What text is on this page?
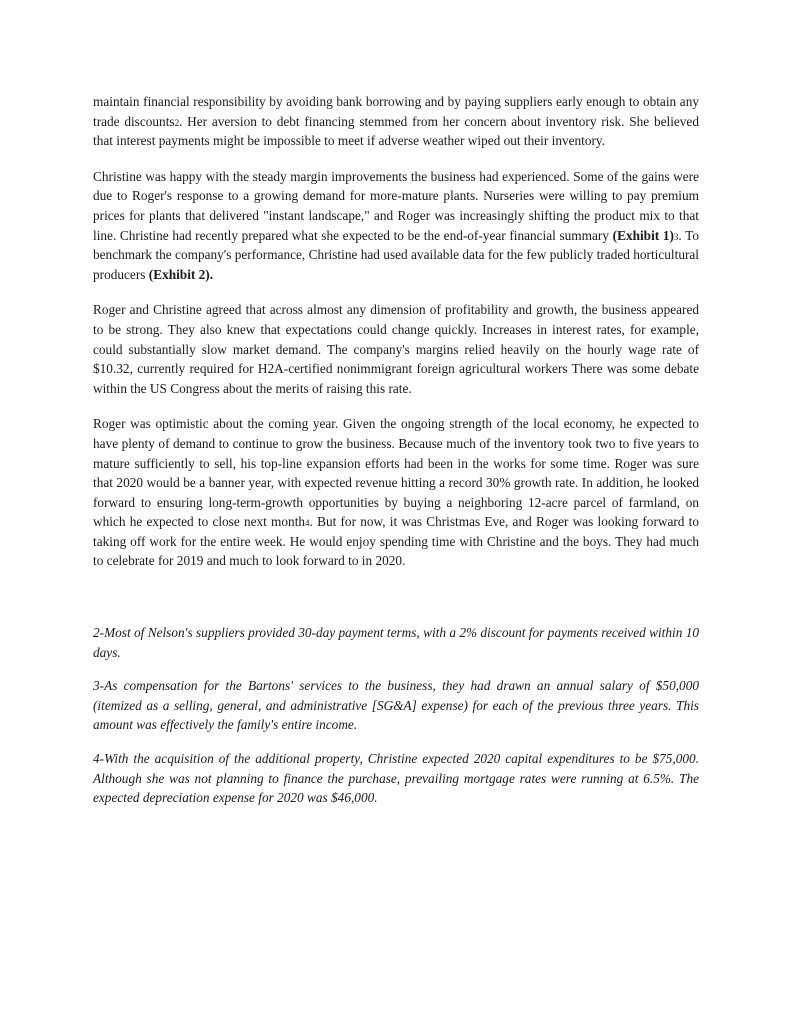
maintain financial responsibility by avoiding bank borrowing and by paying suppliers early enough to obtain any trade discounts2. Her aversion to debt financing stemmed from her concern about inventory risk. She believed that interest payments might be impossible to meet if adverse weather wiped out their inventory.

Christine was happy with the steady margin improvements the business had experienced. Some of the gains were due to Roger's response to a growing demand for more-mature plants. Nurseries were willing to pay premium prices for plants that delivered "instant landscape," and Roger was increasingly shifting the product mix to that line. Christine had recently prepared what she expected to be the end-of-year financial summary (Exhibit 1)3. To benchmark the company's performance, Christine had used available data for the few publicly traded horticultural producers (Exhibit 2).

Roger and Christine agreed that across almost any dimension of profitability and growth, the business appeared to be strong. They also knew that expectations could change quickly. Increases in interest rates, for example, could substantially slow market demand. The company's margins relied heavily on the hourly wage rate of $10.32, currently required for H2A-certified nonimmigrant foreign agricultural workers There was some debate within the US Congress about the merits of raising this rate.

Roger was optimistic about the coming year. Given the ongoing strength of the local economy, he expected to have plenty of demand to continue to grow the business. Because much of the inventory took two to five years to mature sufficiently to sell, his top-line expansion efforts had been in the works for some time. Roger was sure that 2020 would be a banner year, with expected revenue hitting a record 30% growth rate. In addition, he looked forward to ensuring long-term-growth opportunities by buying a neighboring 12-acre parcel of farmland, on which he expected to close next month4. But for now, it was Christmas Eve, and Roger was looking forward to taking off work for the entire week. He would enjoy spending time with Christine and the boys. They had much to celebrate for 2019 and much to look forward to in 2020.

2-Most of Nelson's suppliers provided 30-day payment terms, with a 2% discount for payments received within 10 days.

3-As compensation for the Bartons' services to the business, they had drawn an annual salary of $50,000 (itemized as a selling, general, and administrative [SG&A] expense) for each of the previous three years. This amount was effectively the family's entire income.

4-With the acquisition of the additional property, Christine expected 2020 capital expenditures to be $75,000. Although she was not planning to finance the purchase, prevailing mortgage rates were running at 6.5%. The expected depreciation expense for 2020 was $46,000.
